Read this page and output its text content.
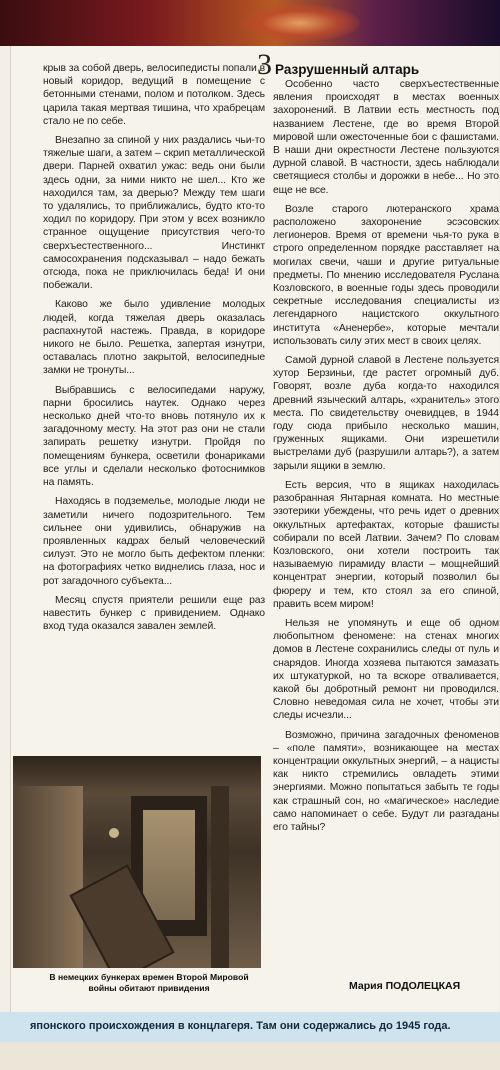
крыв за собой дверь, велосипедисты попали в новый коридор, ведущий в помещение с бетонными стенами, полом и потолком. Здесь царила такая мертвая тишина, что храбрецам стало не по себе.

Внезапно за спиной у них раздались чьи-то тяжелые шаги, а затем – скрип металлической двери. Парней охватил ужас: ведь они были здесь одни, за ними никто не шел... Кто же находился там, за дверью? Между тем шаги то удалялись, то приближались, будто кто-то ходил по коридору. При этом у всех возникло странное ощущение присутствия чего-то сверхъестественного... Инстинкт самосохранения подсказывал – надо бежать отсюда, пока не приключилась беда! И они побежали.

Каково же было удивление молодых людей, когда тяжелая дверь оказалась распахнутой настежь. Правда, в коридоре никого не было. Решетка, запертая изнутри, оставалась плотно закрытой, велосипедные замки не тронуты...

Выбравшись с велосипедами наружу, парни бросились наутек. Однако через несколько дней что-то вновь потянуло их к загадочному месту. На этот раз они не стали запирать решетку изнутри. Пройдя по помещениям бункера, осветили фонариками все углы и сделали несколько фотоснимков на память.

Находясь в подземелье, молодые люди не заметили ничего подозрительного. Тем сильнее они удивились, обнаружив на проявленных кадрах белый человеческий силуэт. Это не могло быть дефектом пленки: на фотографиях четко виднелись глаза, нос и рот загадочного субъекта...

Месяц спустя приятели решили еще раз навестить бункер с привидением. Однако вход туда оказался завален землей.

3 Разрушенный алтарь

Особенно часто сверхъестественные явления происходят в местах военных захоронений. В Латвии есть местность под названием Лестене, где во время Второй мировой шли ожесточенные бои с фашистами. В наши дни окрестности Лестене пользуются дурной славой. В частности, здесь наблюдали светящиеся столбы и дорожки в небе... Но это еще не все.

Возле старого лютеранского храма расположено захоронение эсэсовских легионеров. Время от времени чья-то рука в строго определенном порядке расставляет на могилах свечи, чаши и другие ритуальные предметы. По мнению исследователя Руслана Козловского, в военные годы здесь проводили секретные исследования специалисты из легендарного нацистского оккультного института «Аненербе», которые мечтали использовать силу этих мест в своих целях.

Самой дурной славой в Лестене пользуется хутор Берзиньи, где растет огромный дуб. Говорят, возле дуба когда-то находился древний языческий алтарь, «хранитель» этого места. По свидетельству очевидцев, в 1944 году сюда прибыло несколько машин, груженных ящиками. Они изрешетили выстрелами дуб (разрушили алтарь?), а затем зарыли ящики в землю.

Есть версия, что в ящиках находилась разобранная Янтарная комната. Но местные эзотерики убеждены, что речь идет о древних оккультных артефактах, которые фашисты собирали по всей Латвии. Зачем? По словам Козловского, они хотели построить так называемую пирамиду власти – мощнейший концентрат энергии, который позволил бы фюреру и тем, кто стоял за его спиной, править всем миром!

Нельзя не упомянуть и еще об одном любопытном феномене: на стенах многих домов в Лестене сохранились следы от пуль и снарядов. Иногда хозяева пытаются замазать их штукатуркой, но та вскоре отваливается, какой бы добротный ремонт ни проводился. Словно неведомая сила не хочет, чтобы эти следы исчезли...

Возможно, причина загадочных феноменов – «поле памяти», возникающее на местах концентрации оккультных энергий, – а нацисты как никто стремились овладеть этими энергиями. Можно попытаться забыть те годы как страшный сон, но «магическое» наследие само напоминает о себе. Будут ли разгаданы его тайны?

В немецких бункерах времен Второй Мировой войны обитают привидения	Мария ПОДОЛЕЦКАЯ
японского происхождения в концлагеря. Там они содержались до 1945 года.
